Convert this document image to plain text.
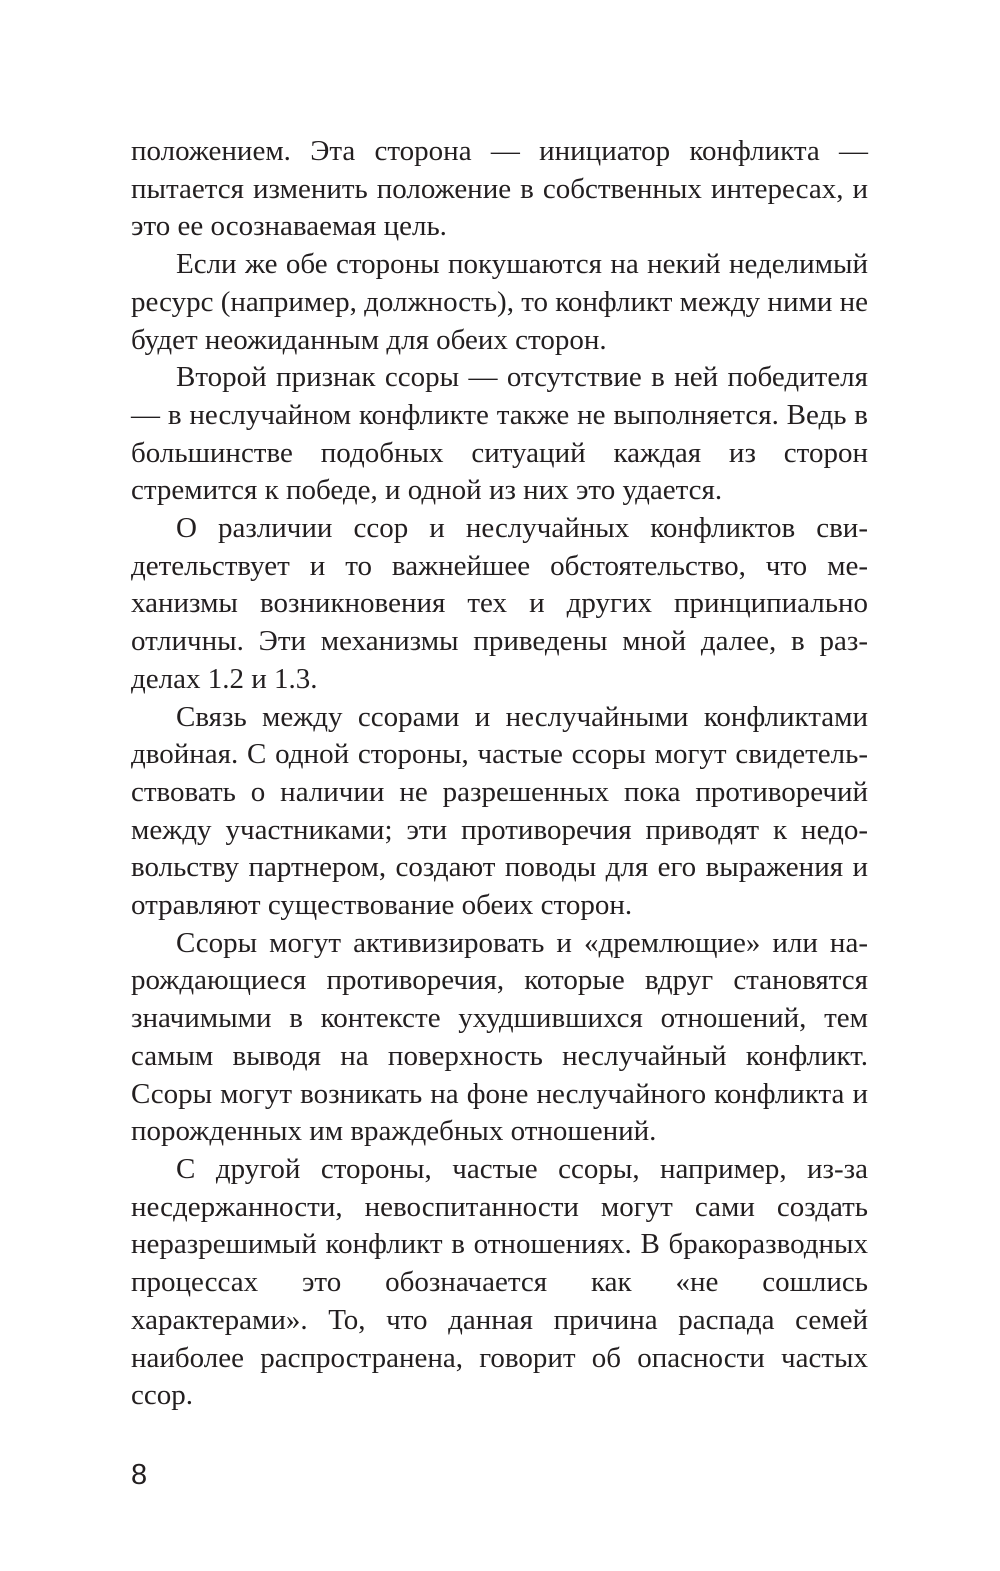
положением. Эта сторона — инициатор конфликта — пытается изменить положение в собственных интересах, и это ее осознаваемая цель.

Если же обе стороны покушаются на некий неделимый ресурс (например, должность), то конфликт между ними не будет неожиданным для обеих сторон.

Второй признак ссоры — отсутствие в ней победителя — в неслучайном конфликте также не выполняется. Ведь в большинстве подобных ситуаций каждая из сторон стремится к победе, и одной из них это удается.

О различии ссор и неслучайных конфликтов свидетельствует и то важнейшее обстоятельство, что механизмы возникновения тех и других принципиально отличны. Эти механизмы приведены мной далее, в разделах 1.2 и 1.3.

Связь между ссорами и неслучайными конфликтами двойная. С одной стороны, частые ссоры могут свидетельствовать о наличии не разрешенных пока противоречий между участниками; эти противоречия приводят к недовольству партнером, создают поводы для его выражения и отравляют существование обеих сторон.

Ссоры могут активизировать и «дремлющие» или нарождающиеся противоречия, которые вдруг становятся значимыми в контексте ухудшившихся отношений, тем самым выводя на поверхность неслучайный конфликт. Ссоры могут возникать на фоне неслучайного конфликта и порожденных им враждебных отношений.

С другой стороны, частые ссоры, например, из-за несдержанности, невоспитанности могут сами создать неразрешимый конфликт в отношениях. В бракоразводных процессах это обозначается как «не сошлись характерами». То, что данная причина распада семей наиболее распространена, говорит об опасности частых ссор.

8
